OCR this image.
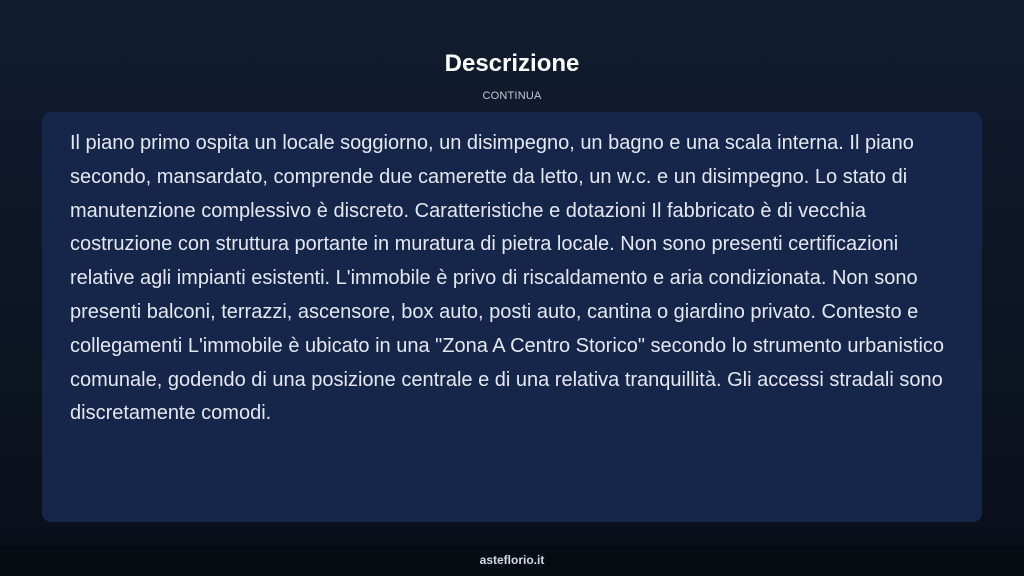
Descrizione
CONTINUA

Il piano primo ospita un locale soggiorno, un disimpegno, un bagno e una scala interna. Il piano secondo, mansardato, comprende due camerette da letto, un w.c. e un disimpegno. Lo stato di manutenzione complessivo è discreto. Caratteristiche e dotazioni Il fabbricato è di vecchia costruzione con struttura portante in muratura di pietra locale. Non sono presenti certificazioni relative agli impianti esistenti. L'immobile è privo di riscaldamento e aria condizionata. Non sono presenti balconi, terrazzi, ascensore, box auto, posti auto, cantina o giardino privato. Contesto e collegamenti L'immobile è ubicato in una "Zona A Centro Storico" secondo lo strumento urbanistico comunale, godendo di una posizione centrale e di una relativa tranquillità. Gli accessi stradali sono discretamente comodi.

asteflorio.it
